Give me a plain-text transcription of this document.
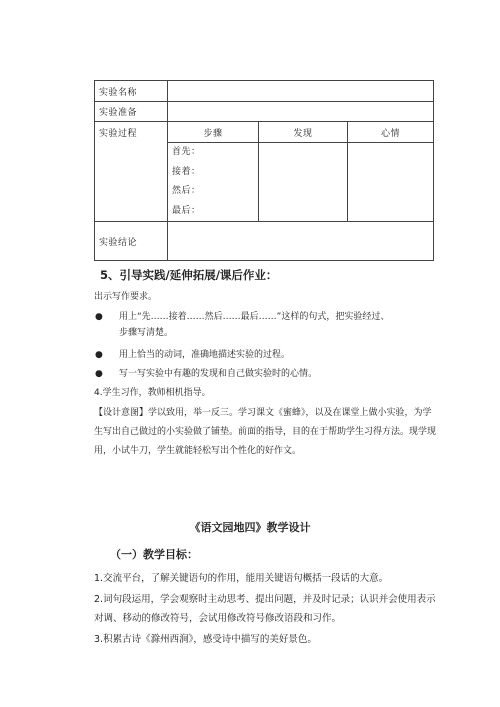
实验名称			
实验准备			
实验过程	步骤	发现	心情

	首先：
接着：
然后：
最后：		

实验结论			
5、引导实践/延伸拓展/课后作业：
出示写作要求。
● 用上“先……接着……然后……最后……”这样的句式，把实验经过、
步骤写清楚。
● 用上恰当的动词，准确地描述实验的过程。
● 写一写实验中有趣的发现和自己做实验时的心情。
4.学生习作，教师相机指导。
【设计意图】学以致用，举一反三。学习课文《蜜蜂》，以及在课堂上做小实验，为学生写出自己做过的小实验做了铺垫。前面的指导，目的在于帮助学生习得方法。现学现用，小试牛刀，学生就能轻松写出个性化的好作文。
《语文园地四》教学设计
（一）教学目标：
1.交流平台，了解关键语句的作用，能用关键语句概括一段话的大意。
2.词句段运用，学会观察时主动思考、提出问题，并及时记录；认识并会使用表示对调、移动的修改符号，会试用修改符号修改语段和习作。
3.积累古诗《滁州西涧》，感受诗中描写的美好景色。
